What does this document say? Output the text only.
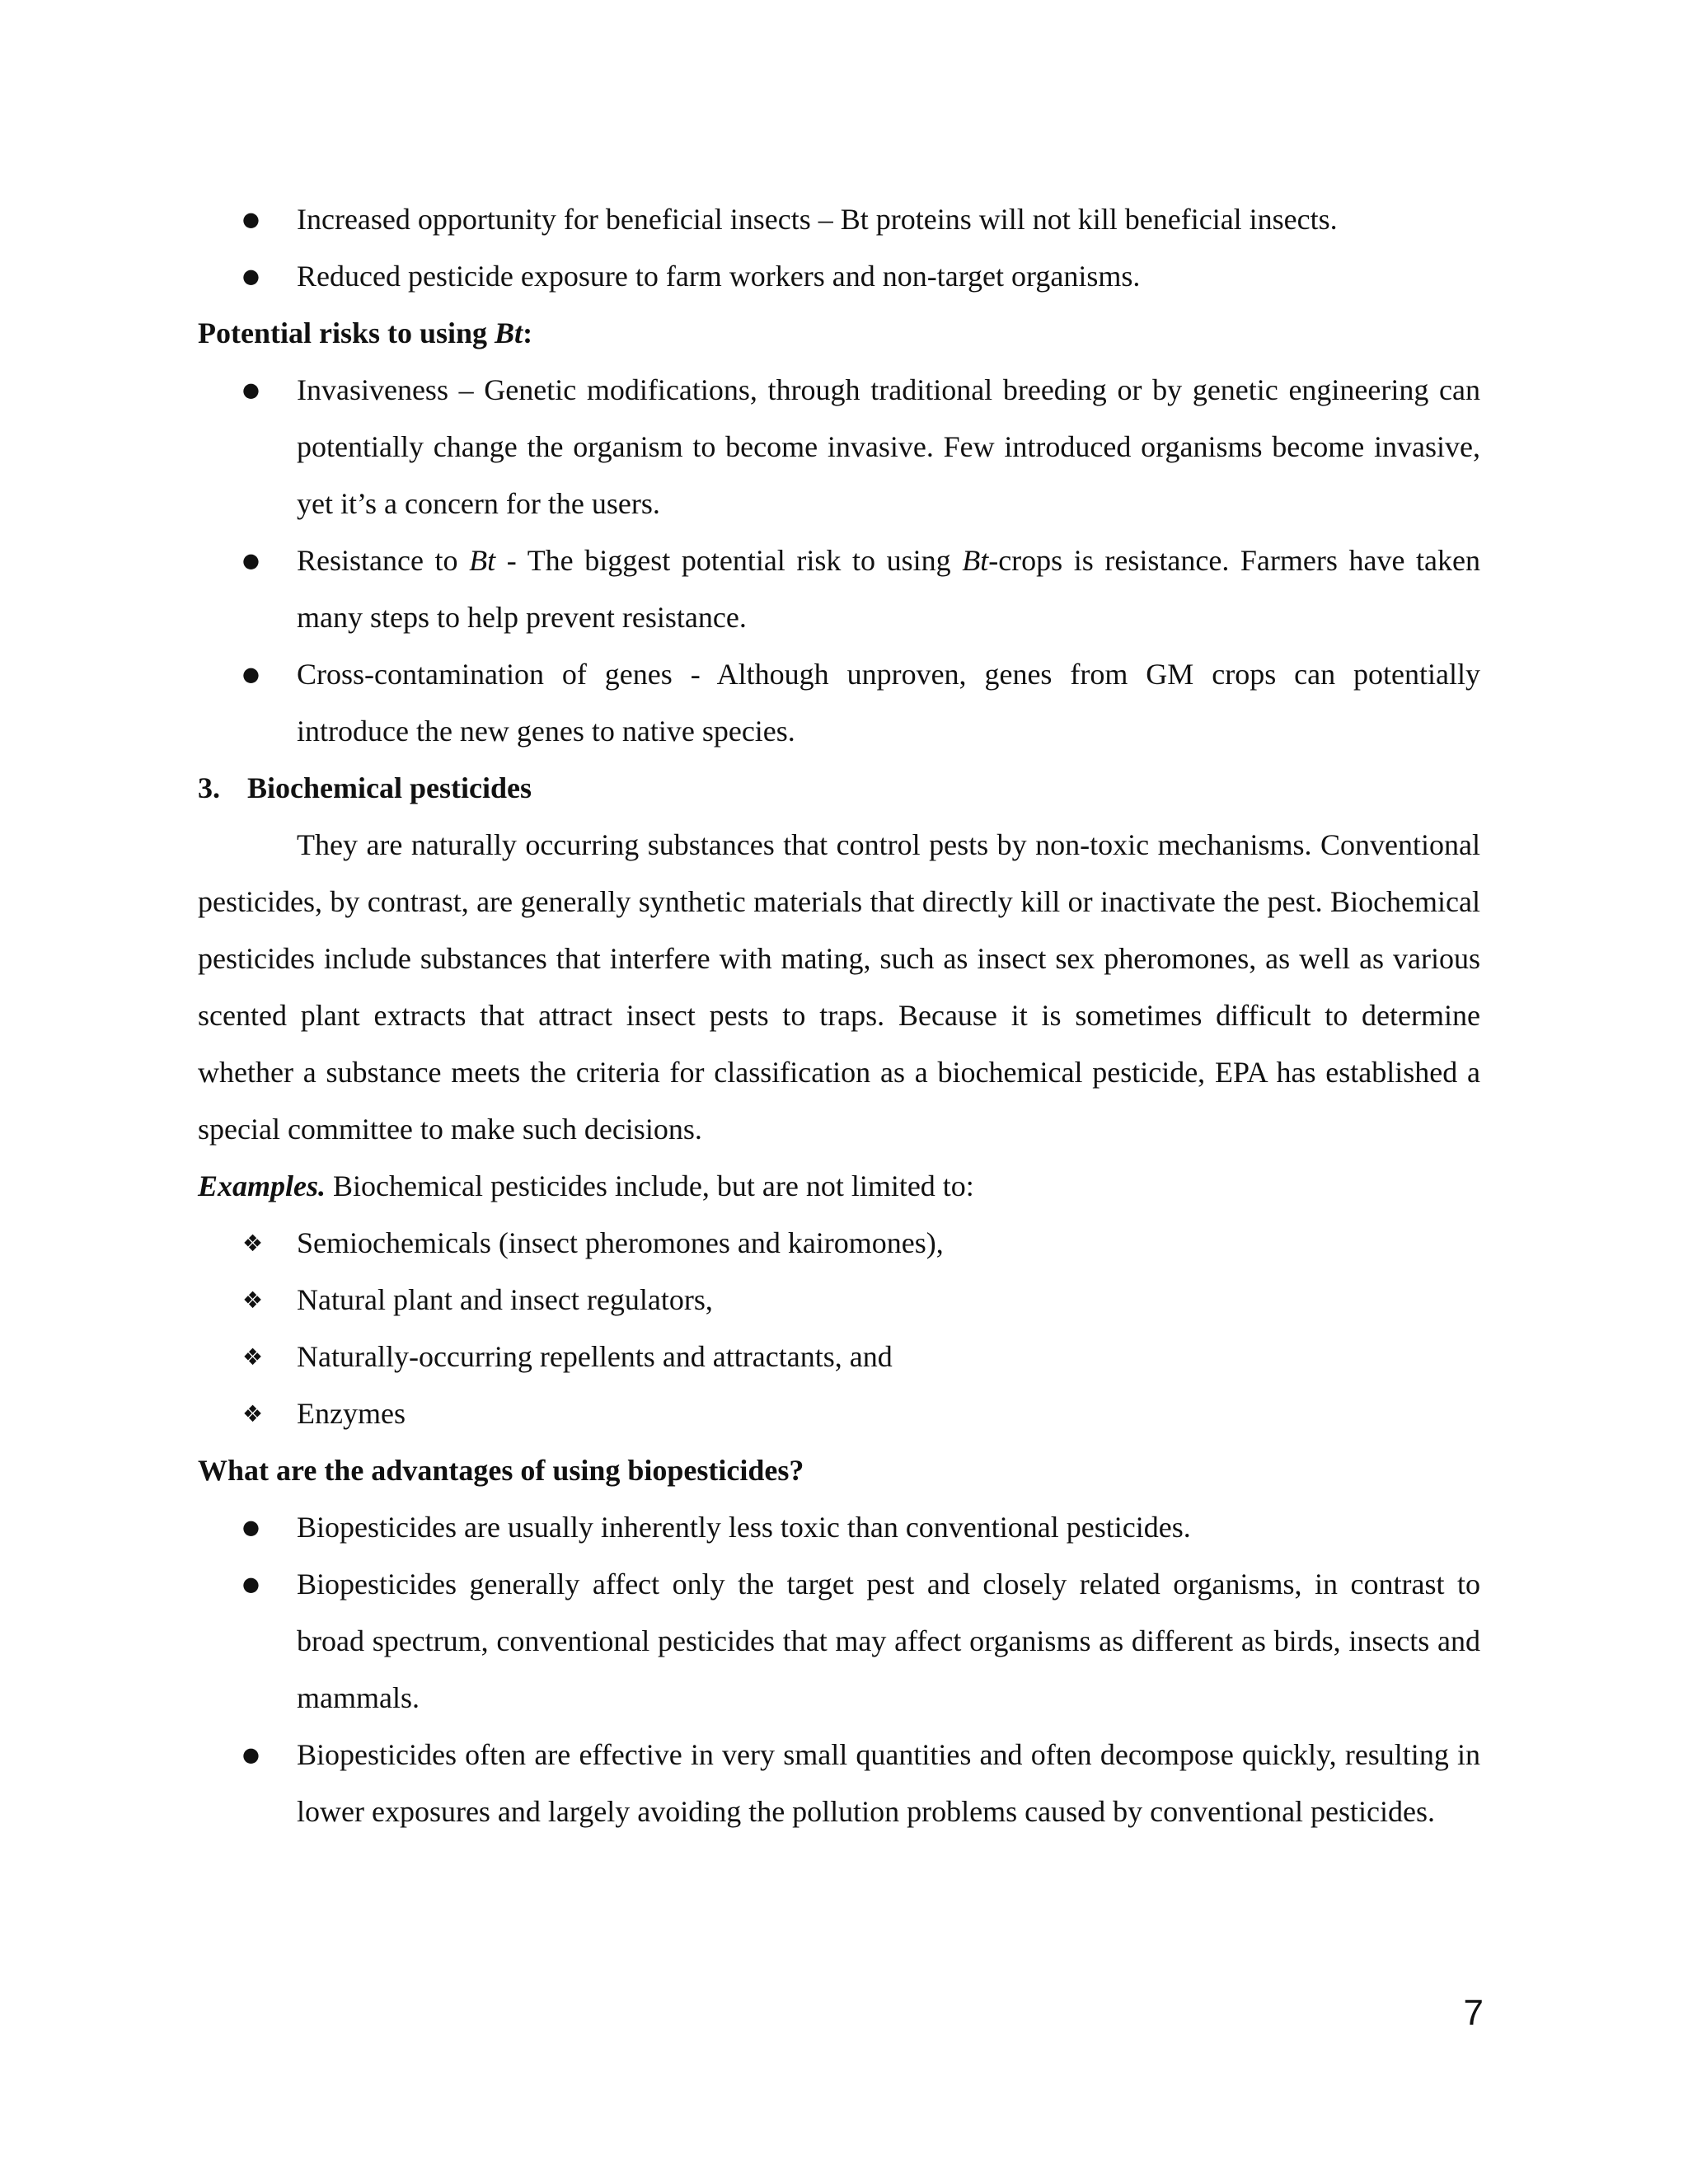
●	Increased opportunity for beneficial insects – Bt proteins will not kill beneficial insects.
●	Reduced pesticide exposure to farm workers and non-target organisms.

Potential risks to using Bt:

●	Invasiveness – Genetic modifications, through traditional breeding or by genetic engineering can potentially change the organism to become invasive. Few introduced organisms become invasive, yet it’s a concern for the users.
●	Resistance to Bt - The biggest potential risk to using Bt-crops is resistance. Farmers have taken many steps to help prevent resistance.
●	Cross-contamination of genes - Although unproven, genes from GM crops can potentially introduce the new genes to native species.

3. Biochemical pesticides

They are naturally occurring substances that control pests by non-toxic mechanisms. Conventional pesticides, by contrast, are generally synthetic materials that directly kill or inactivate the pest. Biochemical pesticides include substances that interfere with mating, such as insect sex pheromones, as well as various scented plant extracts that attract insect pests to traps. Because it is sometimes difficult to determine whether a substance meets the criteria for classification as a biochemical pesticide, EPA has established a special committee to make such decisions.

Examples. Biochemical pesticides include, but are not limited to:

❖	Semiochemicals (insect pheromones and kairomones),
❖	Natural plant and insect regulators,
❖	Naturally-occurring repellents and attractants, and
❖	Enzymes

What are the advantages of using biopesticides?

●	Biopesticides are usually inherently less toxic than conventional pesticides.
●	Biopesticides generally affect only the target pest and closely related organisms, in contrast to broad spectrum, conventional pesticides that may affect organisms as different as birds, insects and mammals.
●	Biopesticides often are effective in very small quantities and often decompose quickly, resulting in lower exposures and largely avoiding the pollution problems caused by conventional pesticides.
7
